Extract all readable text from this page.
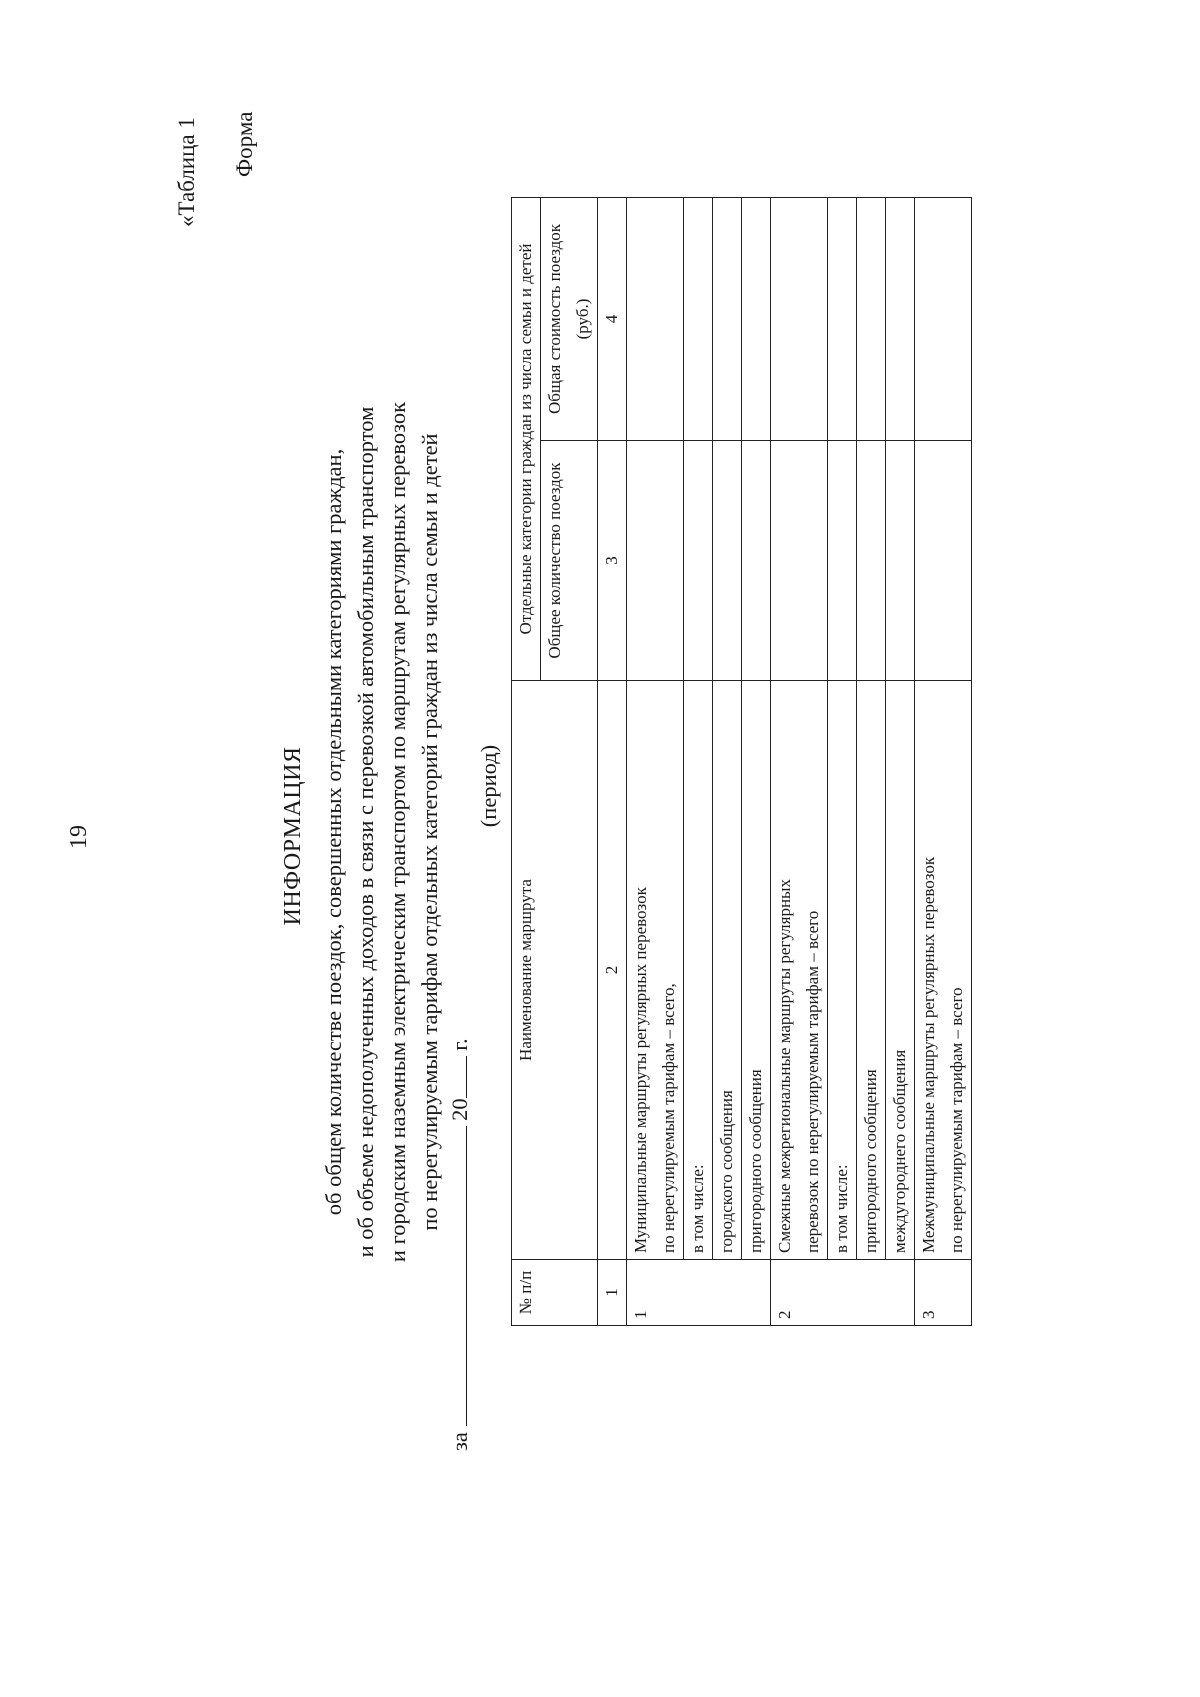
19
«Таблица 1 Форма
ИНФОРМАЦИЯ об общем количестве поездок, совершенных отдельными категориями граждан, и об объеме недополученных доходов в связи с перевозкой автомобильным транспортом и городским наземным электрическим транспортом по маршрутам регулярных перевозок по нерегулируемым тарифам отдельных категорий граждан из числа семьи и детей
за  20 г.
(период)
№ п/п	Наименование маршрута	Отдельные категории граждан из числа семьи и детей	
		Общее количество поездок	Общая стоимость поездок (руб.)
1	2	3	4
1	Муниципальные маршруты регулярных перевозок по нерегулируемым тарифам – всего,		

	в том числе:		
	городского сообщения		
	пригородного сообщения		
2	Смежные межрегиональные маршруты регулярных перевозок по нерегулируемым тарифам – всего		

	в том числе:		
	пригородного сообщения		
	междугороднего сообщения		
3	Межмуниципальные маршруты регулярных перевозок по нерегулируемым тарифам – всего		
